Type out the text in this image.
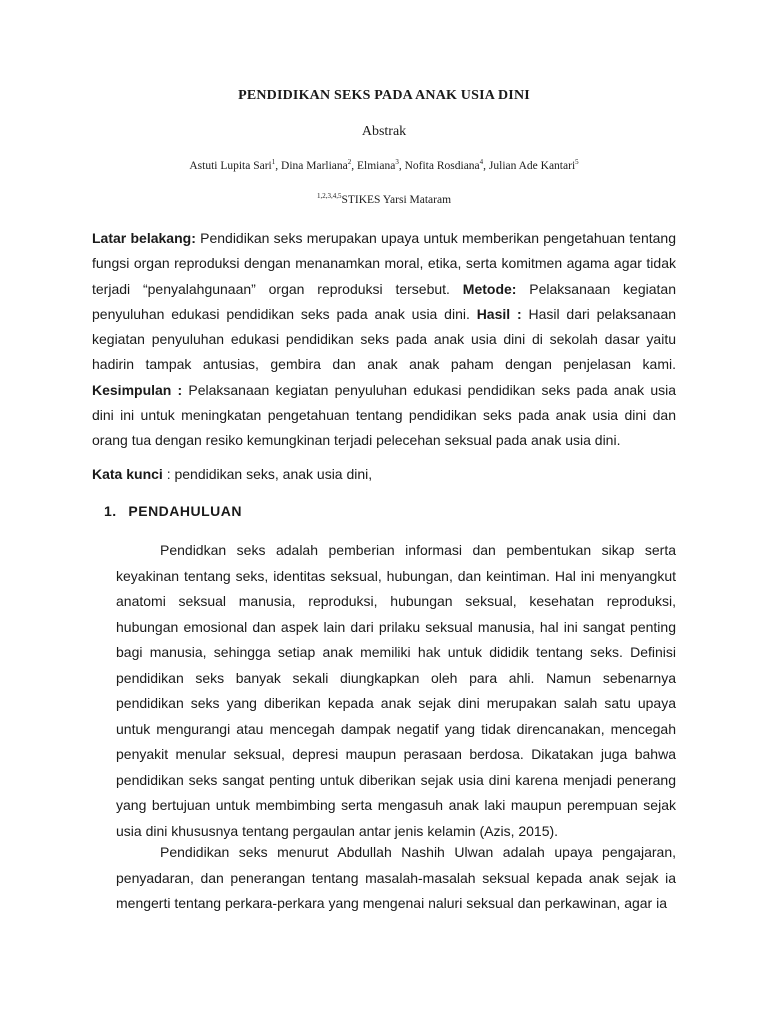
PENDIDIKAN SEKS PADA ANAK USIA DINI
Abstrak
Astuti Lupita Sari$^1$, Dina Marliana$^2$, Elmiana$^3$, Nofita Rosdiana$^4$, Julian Ade Kantari$^5$
$^{1,2,3,4,5}$STIKES Yarsi Mataram
Latar belakang: Pendidikan seks merupakan upaya untuk memberikan pengetahuan tentang fungsi organ reproduksi dengan menanamkan moral, etika, serta komitmen agama agar tidak terjadi “penyalahgunaan” organ reproduksi tersebut. Metode: Pelaksanaan kegiatan penyuluhan edukasi pendidikan seks pada anak usia dini. Hasil : Hasil dari pelaksanaan kegiatan penyuluhan edukasi pendidikan seks pada anak usia dini di sekolah dasar yaitu hadirin tampak antusias, gembira dan anak anak paham dengan penjelasan kami. Kesimpulan : Pelaksanaan kegiatan penyuluhan edukasi pendidikan seks pada anak usia dini ini untuk meningkatan pengetahuan tentang pendidikan seks pada anak usia dini dan orang tua dengan resiko kemungkinan terjadi pelecehan seksual pada anak usia dini.
Kata kunci : pendidikan seks, anak usia dini,
1. PENDAHULUAN
Pendidkan seks adalah pemberian informasi dan pembentukan sikap serta keyakinan tentang seks, identitas seksual, hubungan, dan keintiman. Hal ini menyangkut anatomi seksual manusia, reproduksi, hubungan seksual, kesehatan reproduksi, hubungan emosional dan aspek lain dari prilaku seksual manusia, hal ini sangat penting bagi manusia, sehingga setiap anak memiliki hak untuk dididik tentang seks. Definisi pendidikan seks banyak sekali diungkapkan oleh para ahli. Namun sebenarnya pendidikan seks yang diberikan kepada anak sejak dini merupakan salah satu upaya untuk mengurangi atau mencegah dampak negatif yang tidak direncanakan, mencegah penyakit menular seksual, depresi maupun perasaan berdosa. Dikatakan juga bahwa pendidikan seks sangat penting untuk diberikan sejak usia dini karena menjadi penerang yang bertujuan untuk membimbing serta mengasuh anak laki maupun perempuan sejak usia dini khususnya tentang pergaulan antar jenis kelamin (Azis, 2015).
Pendidikan seks menurut Abdullah Nashih Ulwan adalah upaya pengajaran, penyadaran, dan penerangan tentang masalah-masalah seksual kepada anak sejak ia mengerti tentang perkara-perkara yang mengenai naluri seksual dan perkawinan, agar ia
